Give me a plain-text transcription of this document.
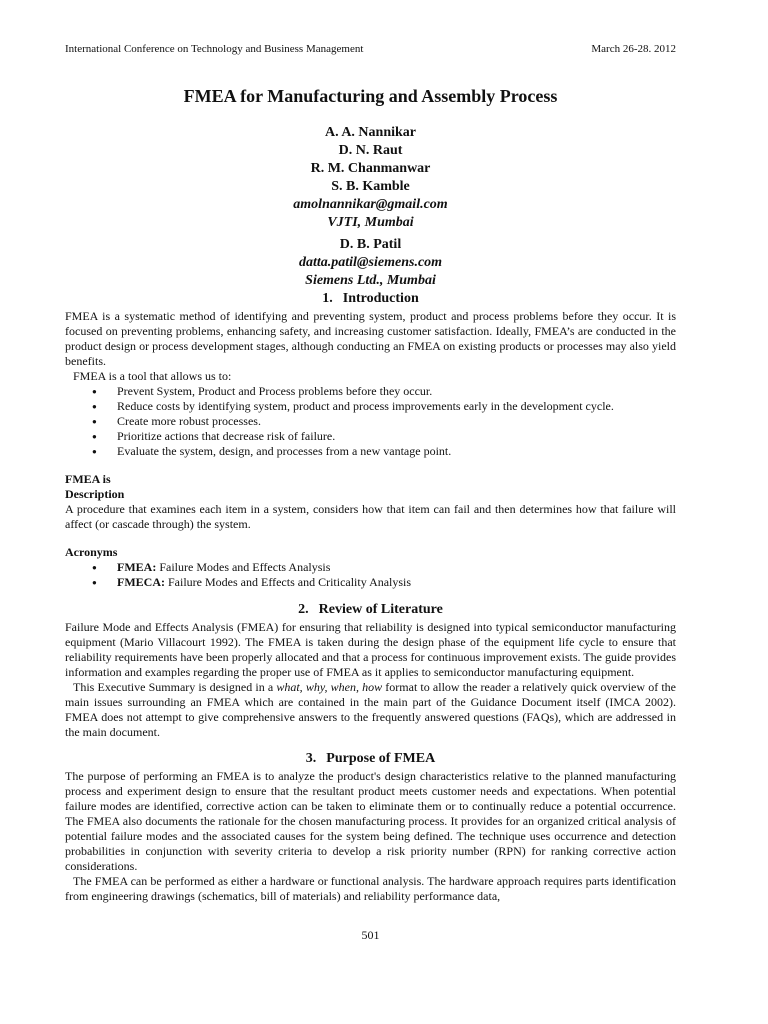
International Conference on Technology and Business Management	March 26-28. 2012
FMEA for Manufacturing and Assembly Process
A. A. Nannikar
D. N. Raut
R. M. Chanmanwar
S. B. Kamble
amolnannikar@gmail.com
VJTI, Mumbai
D. B. Patil
datta.patil@siemens.com
Siemens Ltd., Mumbai
1. Introduction

FMEA is a systematic method of identifying and preventing system, product and process problems before they occur. It is focused on preventing problems, enhancing safety, and increasing customer satisfaction. Ideally, FMEA’s are conducted in the product design or process development stages, although conducting an FMEA on existing products or processes may also yield benefits.

FMEA is a tool that allows us to:

● Prevent System, Product and Process problems before they occur.
● Reduce costs by identifying system, product and process improvements early in the development cycle.
● Create more robust processes.
● Prioritize actions that decrease risk of failure.
● Evaluate the system, design, and processes from a new vantage point.

FMEA is

Description

A procedure that examines each item in a system, considers how that item can fail and then determines how that failure will affect (or cascade through) the system.

Acronyms

● FMEA: Failure Modes and Effects Analysis
● FMECA: Failure Modes and Effects and Criticality Analysis
2. Review of Literature

Failure Mode and Effects Analysis (FMEA) for ensuring that reliability is designed into typical semiconductor manufacturing equipment (Mario Villacourt 1992). The FMEA is taken during the design phase of the equipment life cycle to ensure that reliability requirements have been properly allocated and that a process for continuous improvement exists. The guide provides information and examples regarding the proper use of FMEA as it applies to semiconductor manufacturing equipment.

This Executive Summary is designed in a what, why, when, how format to allow the reader a relatively quick overview of the main issues surrounding an FMEA which are contained in the main part of the Guidance Document itself (IMCA 2002). FMEA does not attempt to give comprehensive answers to the frequently answered questions (FAQs), which are addressed in the main document.

3. Purpose of FMEA

The purpose of performing an FMEA is to analyze the product's design characteristics relative to the planned manufacturing process and experiment design to ensure that the resultant product meets customer needs and expectations. When potential failure modes are identified, corrective action can be taken to eliminate them or to continually reduce a potential occurrence. The FMEA also documents the rationale for the chosen manufacturing process. It provides for an organized critical analysis of potential failure modes and the associated causes for the system being defined. The technique uses occurrence and detection probabilities in conjunction with severity criteria to develop a risk priority number (RPN) for ranking corrective action considerations.

The FMEA can be performed as either a hardware or functional analysis. The hardware approach requires parts identification from engineering drawings (schematics, bill of materials) and reliability performance data,

501
